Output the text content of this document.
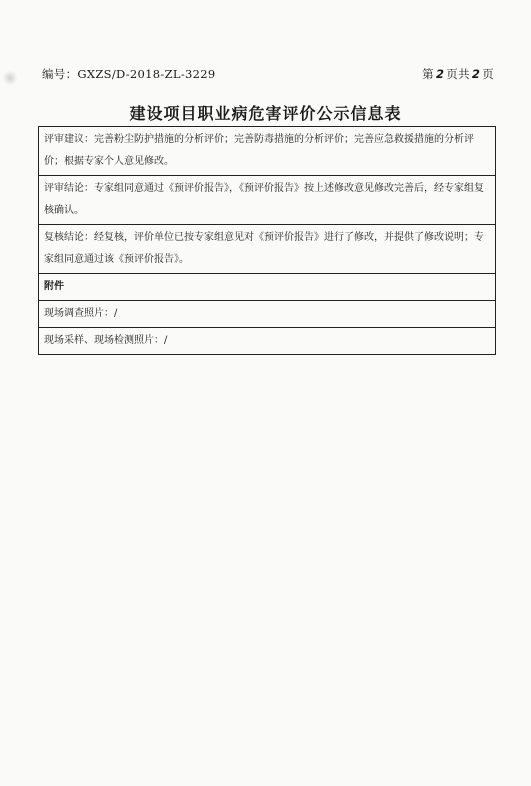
编号：GXZS/D-2018-ZL-3229	第 2 页共 2 页
建设项目职业病危害评价公示信息表
评审建议：完善粉尘防护措施的分析评价；完善防毒措施的分析评价；完善应急救援措施的分析评价；根据专家个人意见修改。
评审结论：专家组同意通过《预评价报告》，《预评价报告》按上述修改意见修改完善后，经专家组复核确认。
复核结论：经复核，评价单位已按专家组意见对《预评价报告》进行了修改，并提供了修改说明；专家组同意通过该《预评价报告》。
附件
现场调查照片：/
现场采样、现场检测照片：/
